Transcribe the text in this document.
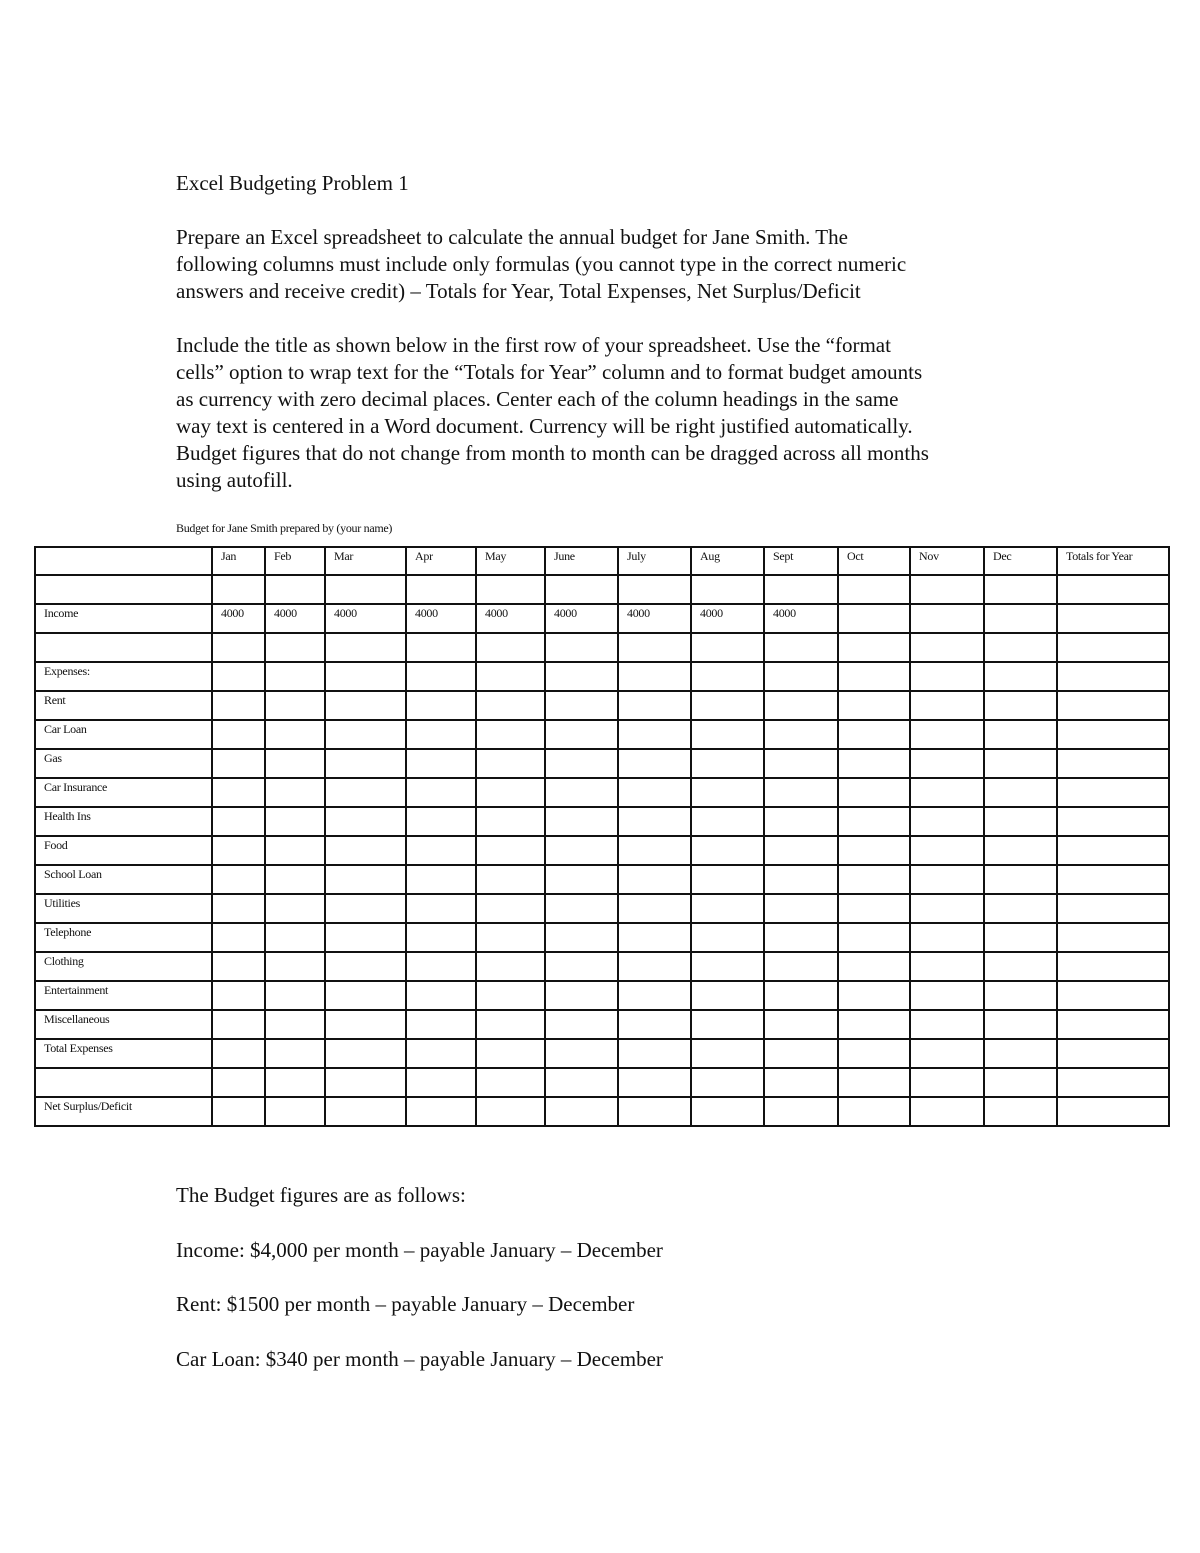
Excel Budgeting Problem 1

Prepare an Excel spreadsheet to calculate the annual budget for Jane Smith. The
following columns must include only formulas (you cannot type in the correct numeric
answers and receive credit) – Totals for Year, Total Expenses, Net Surplus/Deficit

Include the title as shown below in the first row of your spreadsheet. Use the “format
cells” option to wrap text for the “Totals for Year” column and to format budget amounts
as currency with zero decimal places. Center each of the column headings in the same
way text is centered in a Word document. Currency will be right justified automatically.
Budget figures that do not change from month to month can be dragged across all months
using autofill.

Budget for Jane Smith prepared by (your name)
	Jan	Feb	Mar	Apr	May	June	July	Aug	Sept	Oct	Nov	Dec	Totals for Year

Income	4000	4000	4000	4000	4000	4000	4000	4000	4000				

Expenses:													
Rent													
Car Loan													
Gas													
Car Insurance													
Health Ins													
Food													
School Loan													
Utilities													
Telephone													
Clothing													
Entertainment													
Miscellaneous													
Total Expenses													

Net Surplus/Deficit													
The Budget figures are as follows:
Income: $4,000 per month – payable January – December
Rent: $1500 per month – payable January – December
Car Loan: $340 per month – payable January – December
